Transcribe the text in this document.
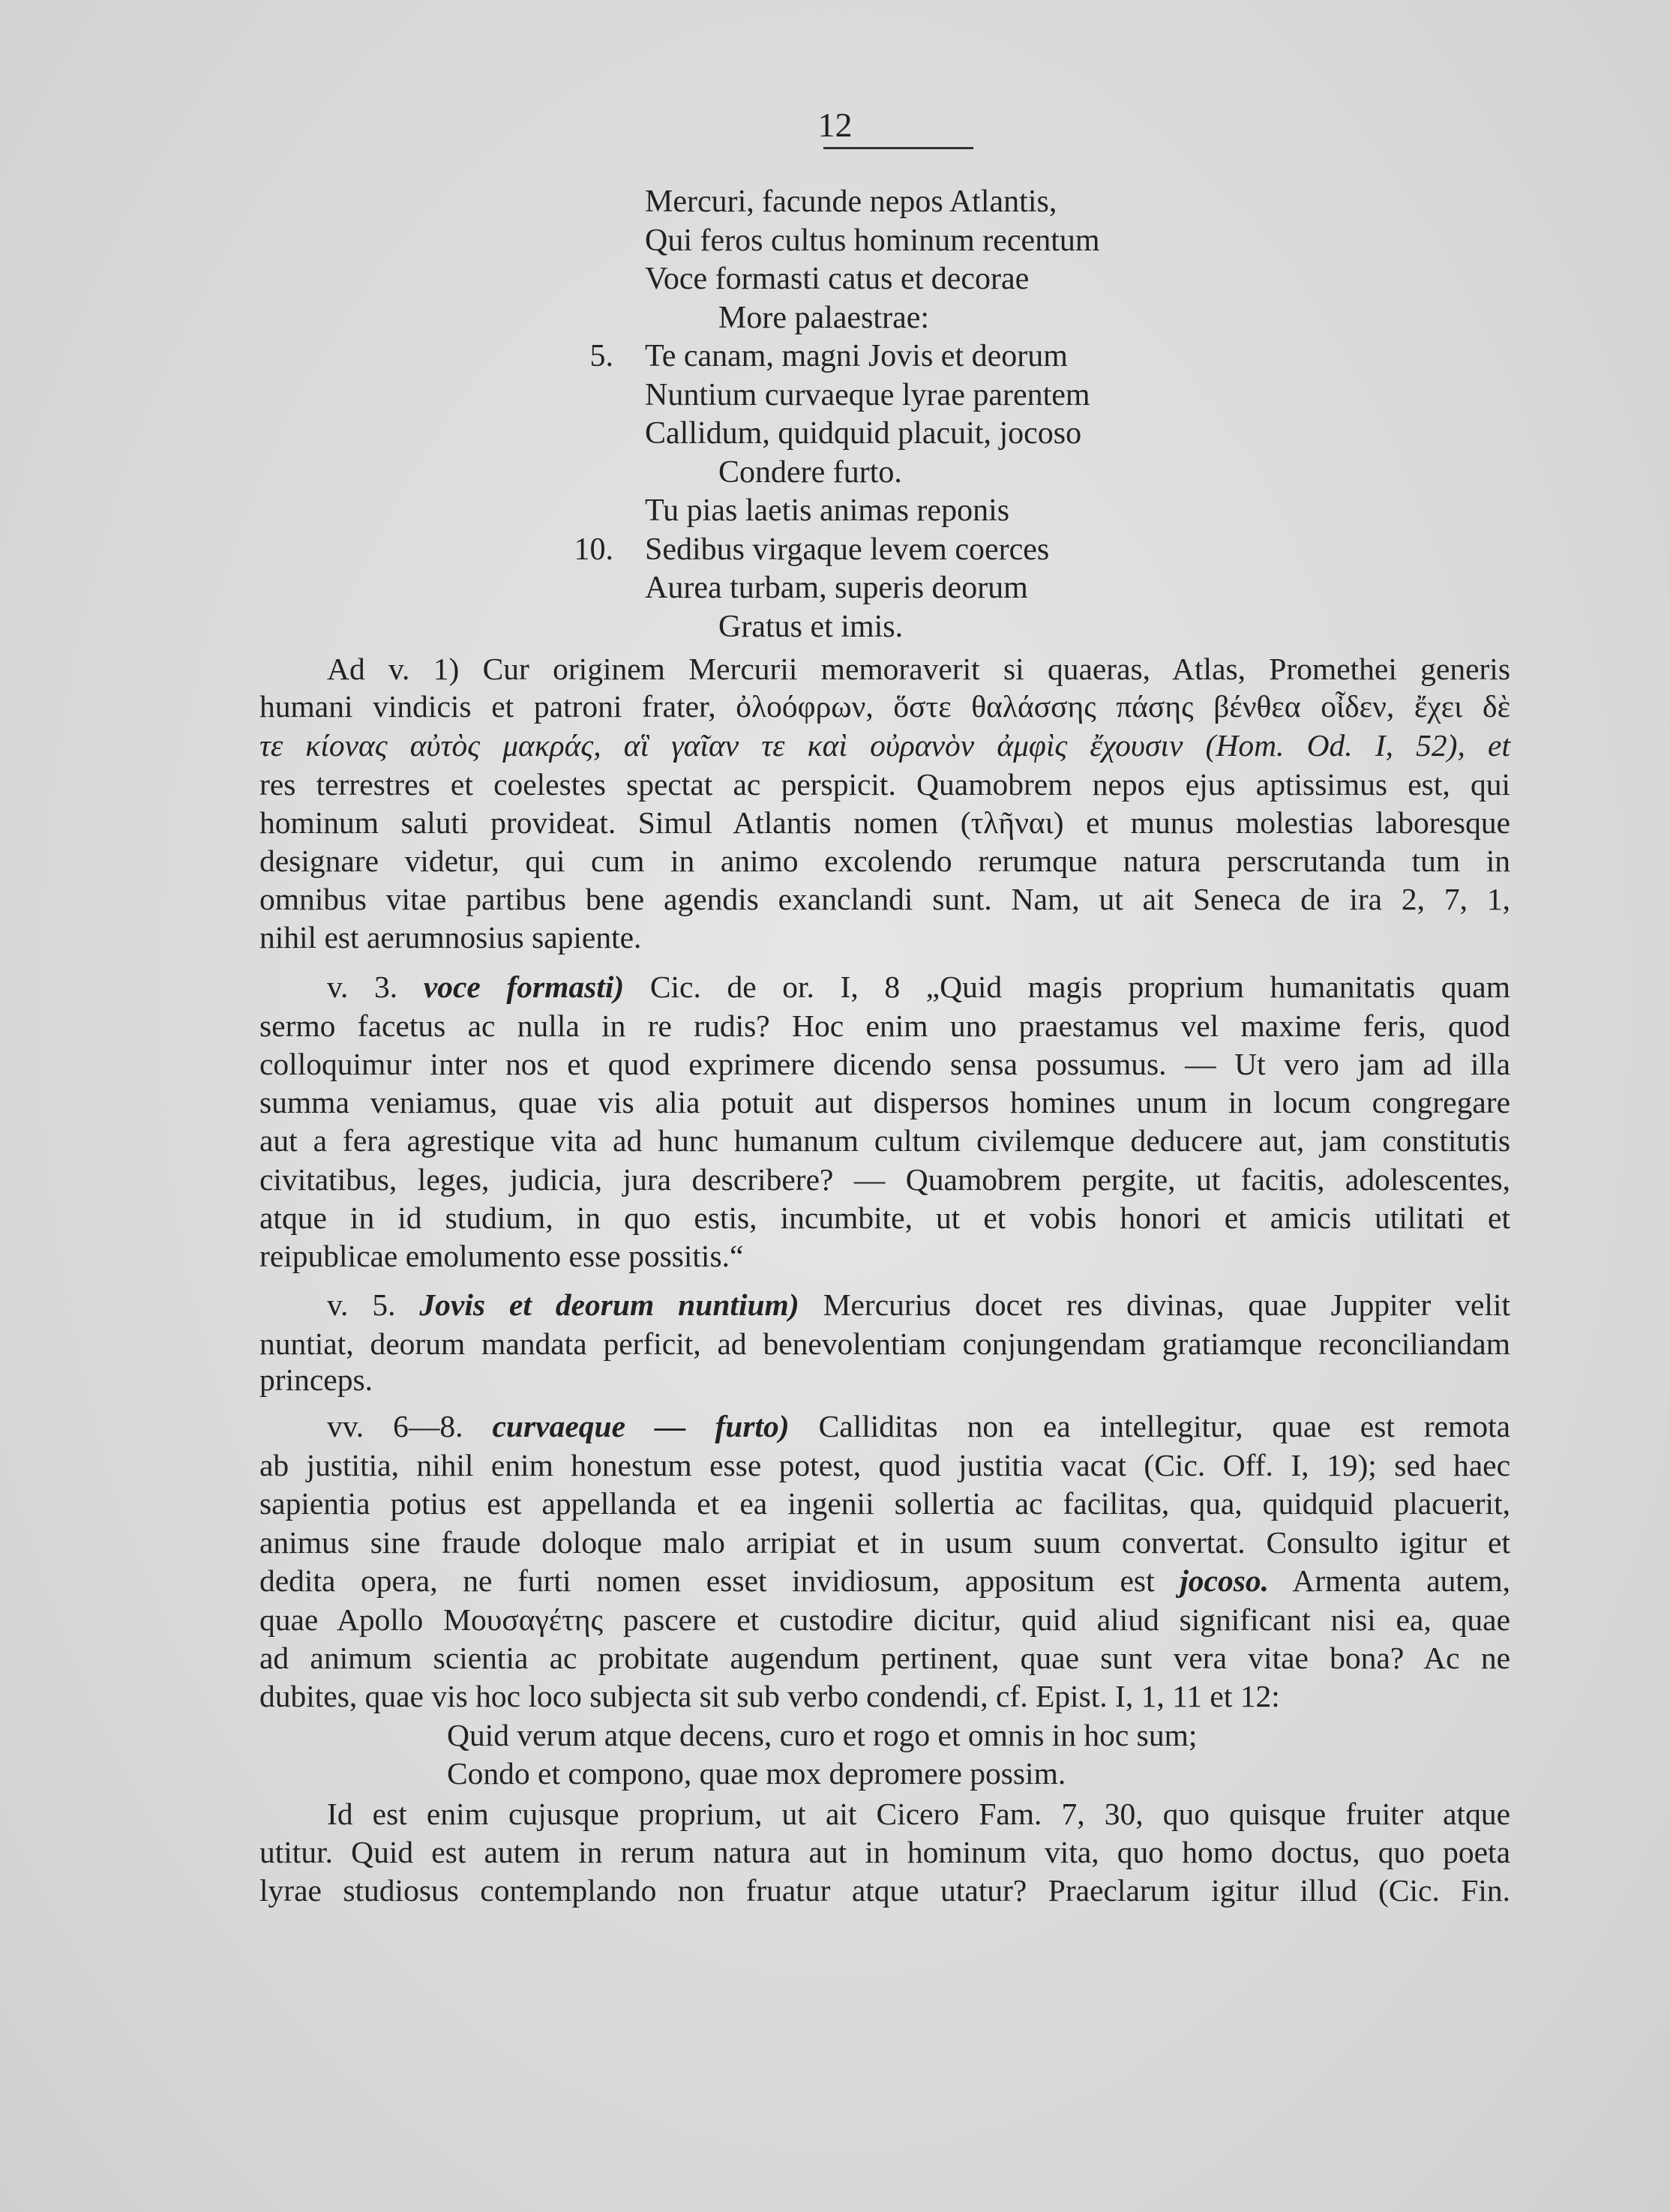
12
Mercuri, facunde nepos Atlantis,
Qui feros cultus hominum recentum
Voce formasti catus et decorae
More palaestrae:
Te canam, magni Jovis et deorum
5.
Nuntium curvaeque lyrae parentem
Callidum, quidquid placuit, jocoso
Condere furto.
Tu pias laetis animas reponis
Sedibus virgaque levem coerces
10.
Aurea turbam, superis deorum
Gratus et imis.
Ad v. 1) Cur originem Mercurii memoraverit si quaeras, Atlas, Promethei generis
humani vindicis et patroni frater, ὀλοόφρων, ὅστε θαλάσσης πάσης βένθεα οἶδεν, ἔχει δὲ
τε κίονας αὐτὸς μακράς, αἳ γαῖαν τε καὶ οὐρανὸν ἀμφὶς ἔχουσιν (Hom. Od. I, 52), et
res terrestres et coelestes spectat ac perspicit. Quamobrem nepos ejus aptissimus est, qui
hominum saluti provideat. Simul Atlantis nomen (τλῆναι) et munus molestias laboresque
designare videtur, qui cum in animo excolendo rerumque natura perscrutanda tum in
omnibus vitae partibus bene agendis exanclandi sunt. Nam, ut ait Seneca de ira 2, 7, 1,
nihil est aerumnosius sapiente.
v. 3. voce formasti) Cic. de or. I, 8 „Quid magis proprium humanitatis quam
sermo facetus ac nulla in re rudis? Hoc enim uno praestamus vel maxime feris, quod
colloquimur inter nos et quod exprimere dicendo sensa possumus. — Ut vero jam ad illa
summa veniamus, quae vis alia potuit aut dispersos homines unum in locum congregare
aut a fera agrestique vita ad hunc humanum cultum civilemque deducere aut, jam constitutis
civitatibus, leges, judicia, jura describere? — Quamobrem pergite, ut facitis, adolescentes,
atque in id studium, in quo estis, incumbite, ut et vobis honori et amicis utilitati et
reipublicae emolumento esse possitis.“
v. 5. Jovis et deorum nuntium) Mercurius docet res divinas, quae Juppiter velit
nuntiat, deorum mandata perficit, ad benevolentiam conjungendam gratiamque reconciliandam
princeps.
vv. 6—8. curvaeque — furto) Calliditas non ea intellegitur, quae est remota
ab justitia, nihil enim honestum esse potest, quod justitia vacat (Cic. Off. I, 19); sed haec
sapientia potius est appellanda et ea ingenii sollertia ac facilitas, qua, quidquid placuerit,
animus sine fraude doloque malo arripiat et in usum suum convertat. Consulto igitur et
dedita opera, ne furti nomen esset invidiosum, appositum est jocoso. Armenta autem,
quae Apollo Μουσαγέτης pascere et custodire dicitur, quid aliud significant nisi ea, quae
ad animum scientia ac probitate augendum pertinent, quae sunt vera vitae bona? Ac ne
dubites, quae vis hoc loco subjecta sit sub verbo condendi, cf. Epist. I, 1, 11 et 12:
Quid verum atque decens, curo et rogo et omnis in hoc sum;
Condo et compono, quae mox depromere possim.
Id est enim cujusque proprium, ut ait Cicero Fam. 7, 30, quo quisque fruiter atque
utitur. Quid est autem in rerum natura aut in hominum vita, quo homo doctus, quo poeta
lyrae studiosus contemplando non fruatur atque utatur? Praeclarum igitur illud (Cic. Fin.
